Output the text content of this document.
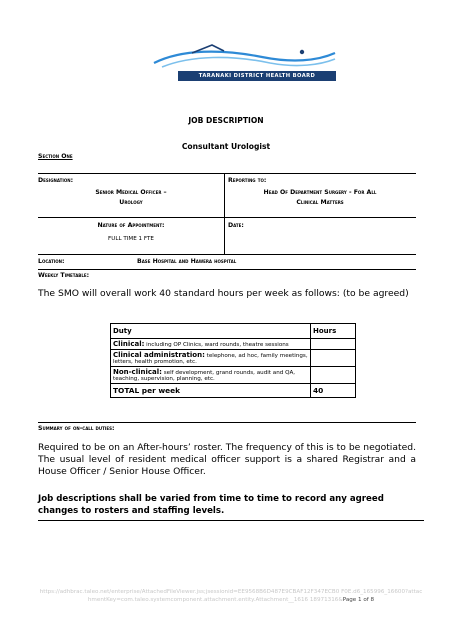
TARANAKI DISTRICT HEALTH BOARD
JOB DESCRIPTION
Consultant Urologist
Section One
Designation:
Senior Medical Officer –
Urology
Reporting to:
Head Of Department Surgery - For All
Clinical Matters
Nature of Appointment:
FULL TIME 1 FTE
Date:
Location:	Base Hospital and Hawera hospital
Weekly Timetable:
The SMO will overall work 40 standard hours per week as follows: (to be agreed)
Duty	Hours
Clinical: including OP Clinics, ward rounds, theatre sessions	
Clinical administration: telephone, ad hoc, family meetings, letters, health promotion, etc.	
Non-clinical: self development, grand rounds, audit and QA, teaching, supervision, planning, etc.	
TOTAL per week	40
Summary of on-call duties:
Required to be on an After-hours’ roster. The frequency of this is to be negotiated. The usual level of resident medical officer support is a shared Registrar and a House Officer / Senior House Officer.
Job descriptions shall be varied from time to time to record any agreed changes to rosters and staffing levels.
https://adhbrac.taleo.net/enterprise/AttachedFileViewer.jss;jsessionid=EE9568B6D487E9CBAF12F347ECB0 F0E.d6_165996_16600?attachmentKey=com.taleo.systemcomponent.attachment.entity.Attachment__1616 18971316&Page 1 of 8
